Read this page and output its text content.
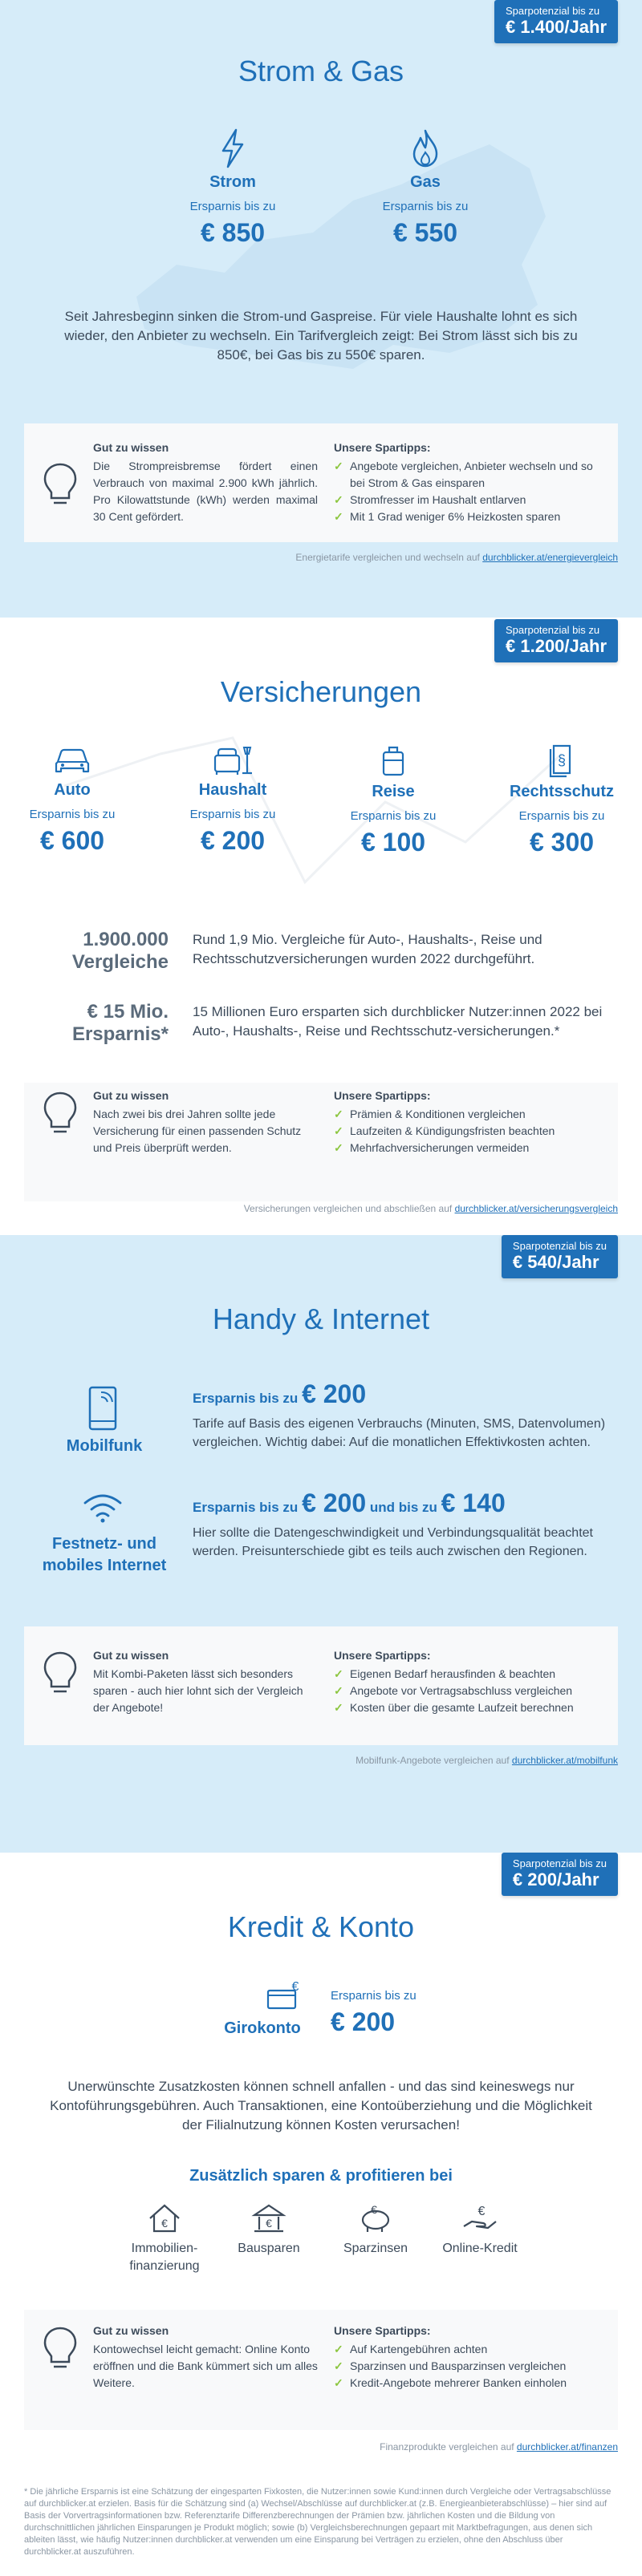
Sparpotenzial bis zu
€ 1.400/Jahr
Strom & Gas
Strom
Ersparnis bis zu
€ 850
Gas
Ersparnis bis zu
€ 550
Seit Jahresbeginn sinken die Strom-und Gaspreise. Für viele Haushalte lohnt es sich wieder, den Anbieter zu wechseln. Ein Tarifvergleich zeigt: Bei Strom lässt sich bis zu 850€, bei Gas bis zu 550€ sparen.
Gut zu wissen
Die Strompreisbremse fördert einen Verbrauch von maximal 2.900 kWh jährlich. Pro Kilowattstunde (kWh) werden maximal 30 Cent gefördert.
Unsere Spartipps:
✓ Angebote vergleichen, Anbieter wechseln und so bei Strom & Gas einsparen
✓ Stromfresser im Haushalt entlarven
✓ Mit 1 Grad weniger 6% Heizkosten sparen
Energietarife vergleichen und wechseln auf durchblicker.at/energievergleich
Sparpotenzial bis zu
€ 1.200/Jahr
Versicherungen
Auto
Ersparnis bis zu
€ 600
Haushalt
Ersparnis bis zu
€ 200
Reise
Ersparnis bis zu
€ 100
§
Rechtsschutz
Ersparnis bis zu
€ 300
1.900.000
Vergleiche
Rund 1,9 Mio. Vergleiche für Auto-, Haushalts-, Reise und Rechtsschutzversicherungen wurden 2022 durchgeführt.
€ 15 Mio.
Ersparnis*
15 Millionen Euro ersparten sich durchblicker Nutzer:innen 2022 bei Auto-, Haushalts-, Reise und Rechtsschutz-versicherungen.*
Gut zu wissen
Nach zwei bis drei Jahren sollte jede Versicherung für einen passenden Schutz und Preis überprüft werden.
Unsere Spartipps:
✓ Prämien & Konditionen vergleichen
✓ Laufzeiten & Kündigungsfristen beachten
✓ Mehrfachversicherungen vermeiden
Versicherungen vergleichen und abschließen auf durchblicker.at/versicherungsvergleich
Sparpotenzial bis zu
€ 540/Jahr
Handy & Internet
Mobilfunk
Ersparnis bis zu € 200
Tarife auf Basis des eigenen Verbrauchs (Minuten, SMS, Datenvolumen) vergleichen. Wichtig dabei: Auf die monatlichen Effektivkosten achten.
Festnetz- und
mobiles Internet
Ersparnis bis zu € 200 und bis zu € 140
Hier sollte die Datengeschwindigkeit und Verbindungsqualität beachtet werden. Preisunterschiede gibt es teils auch zwischen den Regionen.
Gut zu wissen
Mit Kombi-Paketen lässt sich besonders sparen - auch hier lohnt sich der Vergleich der Angebote!
Unsere Spartipps:
✓ Eigenen Bedarf herausfinden & beachten
✓ Angebote vor Vertragsabschluss vergleichen
✓ Kosten über die gesamte Laufzeit berechnen
Mobilfunk-Angebote vergleichen auf durchblicker.at/mobilfunk
Sparpotenzial bis zu
€ 200/Jahr
Kredit & Konto
€
Girokonto
Ersparnis bis zu
€ 200
Unerwünschte Zusatzkosten können schnell anfallen - und das sind keineswegs nur Kontoführungsgebühren. Auch Transaktionen, eine Kontoüberziehung und die Möglichkeit der Filialnutzung können Kosten verursachen!
Zusätzlich sparen & profitieren bei
€
Immobilien-
finanzierung
€
Bausparen
€
Sparzinsen
€
Online-Kredit
Gut zu wissen
Kontowechsel leicht gemacht: Online Konto eröffnen und die Bank kümmert sich um alles Weitere.
Unsere Spartipps:
✓ Auf Kartengebühren achten
✓ Sparzinsen und Bausparzinsen vergleichen
✓ Kredit-Angebote mehrerer Banken einholen
Finanzprodukte vergleichen auf durchblicker.at/finanzen
* Die jährliche Ersparnis ist eine Schätzung der eingesparten Fixkosten, die Nutzer:innen sowie Kund:innen durch Vergleiche oder Vertragsabschlüsse auf durchblicker.at erzielen. Basis für die Schätzung sind (a) Wechsel/Abschlüsse auf durchblicker.at (z.B. Energieanbieterabschlüsse) – hier sind auf Basis der Vorvertragsinformationen bzw. Referenztarife Differenzberechnungen der Prämien bzw. jährlichen Kosten und die Bildung von durchschnittlichen jährlichen Einsparungen je Produkt möglich; sowie (b) Vergleichsberechnungen gepaart mit Marktbefragungen, aus denen sich ableiten lässt, wie häufig Nutzer:innen durchblicker.at verwenden um eine Einsparung bei Verträgen zu erzielen, ohne den Abschluss über durchblicker.at auszuführen.
